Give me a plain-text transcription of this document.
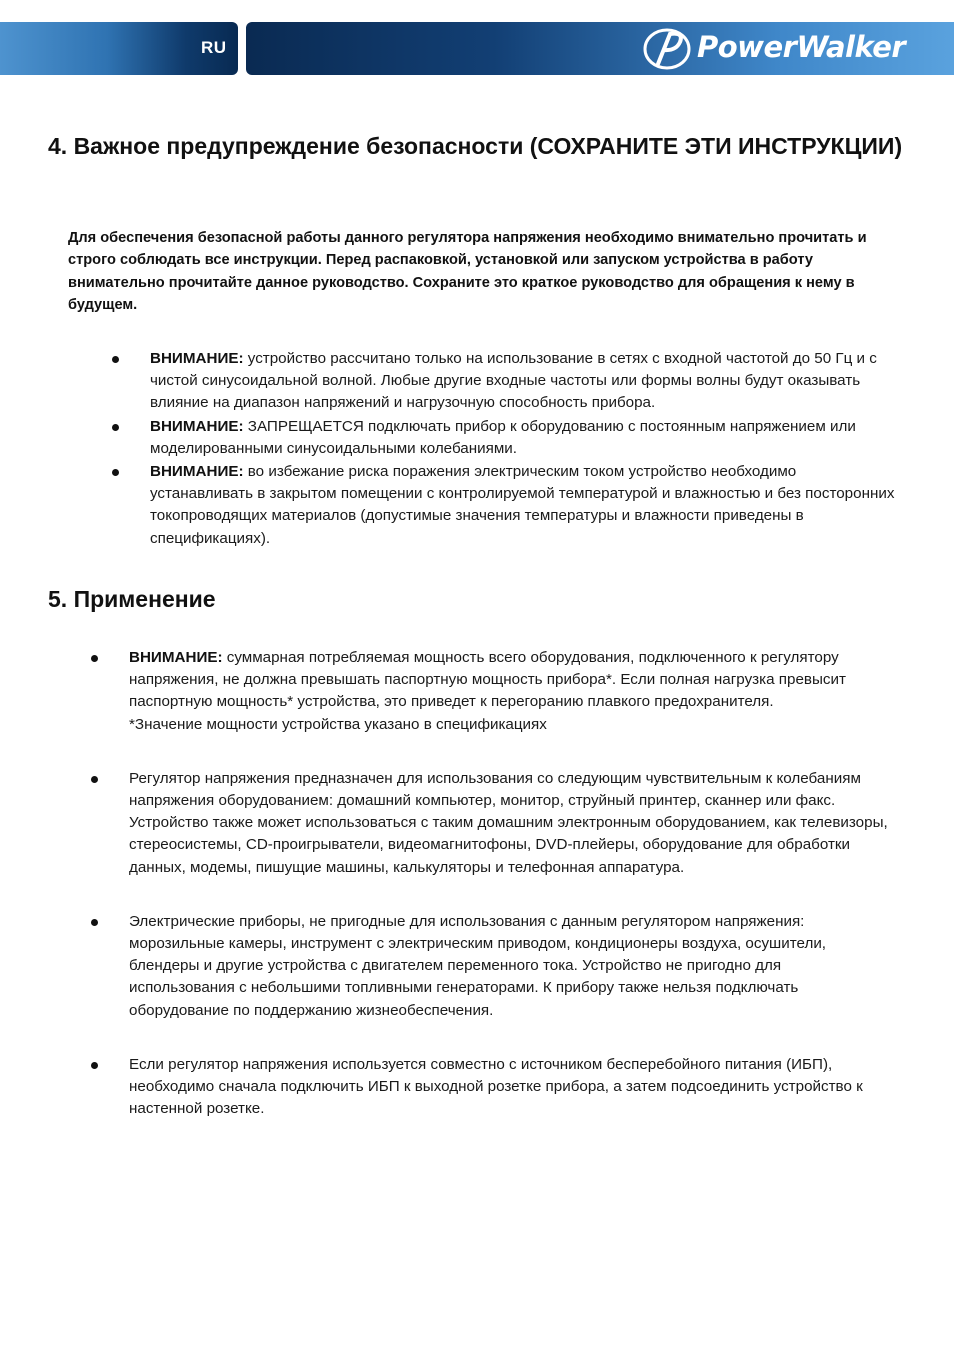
RU	PowerWalker
4. Важное предупреждение безопасности (СОХРАНИТЕ ЭТИ ИНСТРУКЦИИ)

Для обеспечения безопасной работы данного регулятора напряжения необходимо внимательно прочитать и строго соблюдать все инструкции. Перед распаковкой, установкой или запуском устройства в работу внимательно прочитайте данное руководство. Сохраните это краткое руководство для обращения к нему в будущем.

ВНИМАНИЕ: устройство рассчитано только на использование в сетях с входной частотой до 50 Гц и с чистой синусоидальной волной. Любые другие входные частоты или формы волны будут оказывать влияние на диапазон напряжений и нагрузочную способность прибора.
ВНИМАНИЕ: ЗАПРЕЩАЕТСЯ подключать прибор к оборудованию с постоянным напряжением или моделированными синусоидальными колебаниями.
ВНИМАНИЕ: во избежание риска поражения электрическим током устройство необходимо устанавливать в закрытом помещении с контролируемой температурой и влажностью и без посторонних токопроводящих материалов (допустимые значения температуры и влажности приведены в спецификациях).
5. Применение
ВНИМАНИЕ: суммарная потребляемая мощность всего оборудования, подключенного к регулятору напряжения, не должна превышать паспортную мощность прибора*. Если полная нагрузка превысит паспортную мощность* устройства, это приведет к перегоранию плавкого предохранителя.
*Значение мощности устройства указано в спецификациях
Регулятор напряжения предназначен для использования со следующим чувствительным к колебаниям напряжения оборудованием: домашний компьютер, монитор, струйный принтер, сканнер или факс. Устройство также может использоваться с таким домашним электронным оборудованием, как телевизоры, стереосистемы, CD-проигрыватели, видеомагнитофоны, DVD-плейеры, оборудование для обработки данных, модемы, пишущие машины, калькуляторы и телефонная аппаратура.
Электрические приборы, не пригодные для использования с данным регулятором напряжения: морозильные камеры, инструмент с электрическим приводом, кондиционеры воздуха, осушители, блендеры и другие устройства с двигателем переменного тока. Устройство не пригодно для использования с небольшими топливными генераторами. К прибору также нельзя подключать оборудование по поддержанию жизнеобеспечения.
Если регулятор напряжения используется совместно с источником бесперебойного питания (ИБП), необходимо сначала подключить ИБП к выходной розетке прибора, а затем подсоединить устройство к настенной розетке.
